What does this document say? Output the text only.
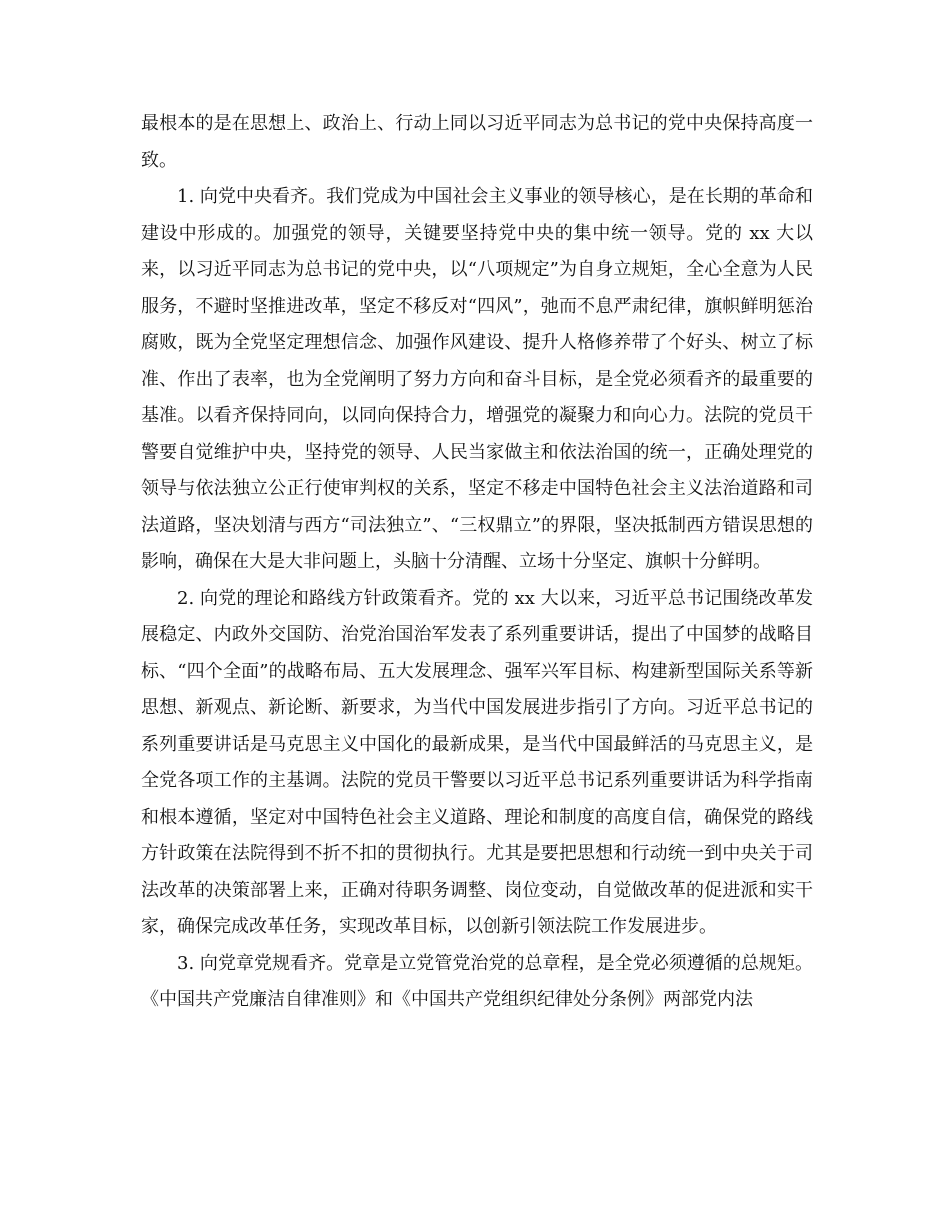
最根本的是在思想上、政治上、行动上同以习近平同志为总书记的党中央保持高度一致。

1. 向党中央看齐。我们党成为中国社会主义事业的领导核心，是在长期的革命和建设中形成的。加强党的领导，关键要坚持党中央的集中统一领导。党的 xx 大以来，以习近平同志为总书记的党中央，以“八项规定”为自身立规矩，全心全意为人民服务，不避时坚推进改革，坚定不移反对“四风”，弛而不息严肃纪律，旗帜鲜明惩治腐败，既为全党坚定理想信念、加强作风建设、提升人格修养带了个好头、树立了标准、作出了表率，也为全党阐明了努力方向和奋斗目标，是全党必须看齐的最重要的基准。以看齐保持同向，以同向保持合力，增强党的凝聚力和向心力。法院的党员干警要自觉维护中央，坚持党的领导、人民当家做主和依法治国的统一，正确处理党的领导与依法独立公正行使审判权的关系，坚定不移走中国特色社会主义法治道路和司法道路，坚决划清与西方“司法独立”、“三权鼎立”的界限，坚决抵制西方错误思想的影响，确保在大是大非问题上，头脑十分清醒、立场十分坚定、旗帜十分鲜明。

2. 向党的理论和路线方针政策看齐。党的 xx 大以来，习近平总书记围绕改革发展稳定、内政外交国防、治党治国治军发表了系列重要讲话，提出了中国梦的战略目标、“四个全面”的战略布局、五大发展理念、强军兴军目标、构建新型国际关系等新思想、新观点、新论断、新要求，为当代中国发展进步指引了方向。习近平总书记的系列重要讲话是马克思主义中国化的最新成果，是当代中国最鲜活的马克思主义，是全党各项工作的主基调。法院的党员干警要以习近平总书记系列重要讲话为科学指南和根本遵循，坚定对中国特色社会主义道路、理论和制度的高度自信，确保党的路线方针政策在法院得到不折不扣的贯彻执行。尤其是要把思想和行动统一到中央关于司法改革的决策部署上来，正确对待职务调整、岗位变动，自觉做改革的促进派和实干家，确保完成改革任务，实现改革目标，以创新引领法院工作发展进步。

3. 向党章党规看齐。党章是立党管党治党的总章程，是全党必须遵循的总规矩。《中国共产党廉洁自律准则》和《中国共产党组织纪律处分条例》两部党内法
